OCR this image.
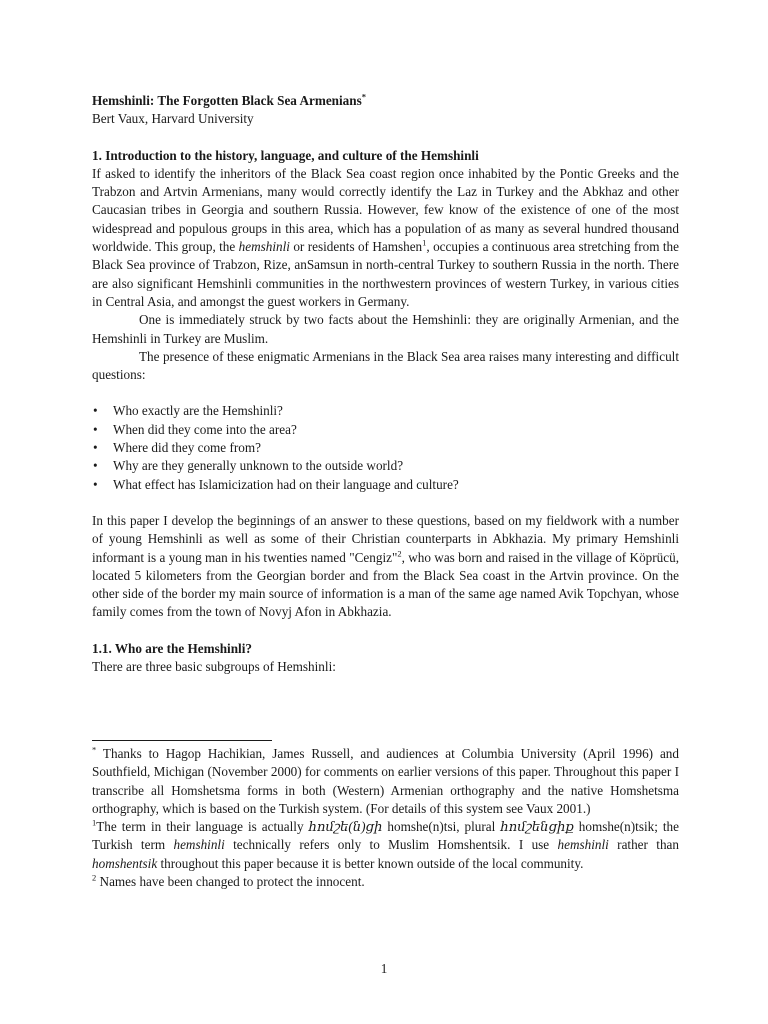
Hemshinli: The Forgotten Black Sea Armenians*

Bert Vaux, Harvard University

1. Introduction to the history, language, and culture of the Hemshinli

If asked to identify the inheritors of the Black Sea coast region once inhabited by the Pontic Greeks and the Trabzon and Artvin Armenians, many would correctly identify the Laz in Turkey and the Abkhaz and other Caucasian tribes in Georgia and southern Russia. However, few know of the existence of one of the most widespread and populous groups in this area, which has a population of as many as several hundred thousand worldwide. This group, the hemshinli or residents of Hamshen$^1$, occupies a continuous area stretching from the Black Sea province of Trabzon, Rize, anSamsun in north-central Turkey to southern Russia in the north. There are also significant Hemshinli communities in the northwestern provinces of western Turkey, in various cities in Central Asia, and amongst the guest workers in Germany.

One is immediately struck by two facts about the Hemshinli: they are originally Armenian, and the Hemshinli in Turkey are Muslim.

The presence of these enigmatic Armenians in the Black Sea area raises many interesting and difficult questions:

• Who exactly are the Hemshinli?
• When did they come into the area?
• Where did they come from?
• Why are they generally unknown to the outside world?
• What effect has Islamicization had on their language and culture?

In this paper I develop the beginnings of an answer to these questions, based on my fieldwork with a number of young Hemshinli as well as some of their Christian counterparts in Abkhazia. My primary Hemshinli informant is a young man in his twenties named "Cengiz"$^2$, who was born and raised in the village of Köprücü, located 5 kilometers from the Georgian border and from the Black Sea coast in the Artvin province. On the other side of the border my main source of information is a man of the same age named Avik Topchyan, whose family comes from the town of Novyj Afon in Abkhazia.

1.1. Who are the Hemshinli?

There are three basic subgroups of Hemshinli:

* Thanks to Hagop Hachikian, James Russell, and audiences at Columbia University (April 1996) and Southfield, Michigan (November 2000) for comments on earlier versions of this paper. Throughout this paper I transcribe all Homshetsma forms in both (Western) Armenian orthography and the native Homshetsma orthography, which is based on the Turkish system. (For details of this system see Vaux 2001.)

$^1$The term in their language is actually հոմշե(ն)ցի homshe(n)tsi, plural հոմշենցիք homshe(n)tsik; the Turkish term hemshinli technically refers only to Muslim Homshentsik. I use hemshinli rather than homshentsik throughout this paper because it is better known outside of the local community.

$^2$ Names have been changed to protect the innocent.

1
